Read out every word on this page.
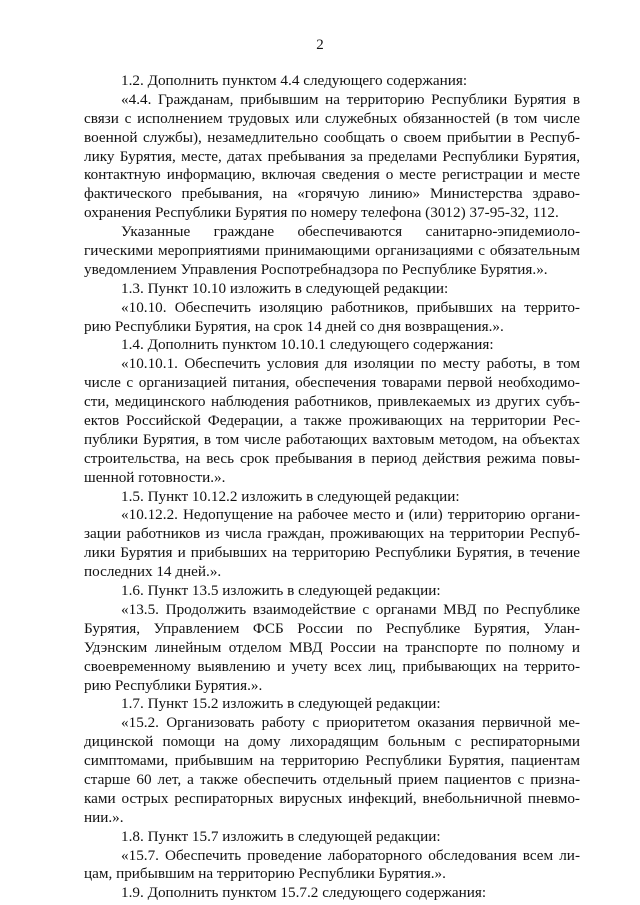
2
1.2. Дополнить пунктом 4.4 следующего содержания:
«4.4. Гражданам, прибывшим на территорию Республики Бурятия в
связи с исполнением трудовых или служебных обязанностей (в том числе
военной службы), незамедлительно сообщать о своем прибытии в Респуб-
лику Бурятия, месте, датах пребывания за пределами Республики Бурятия,
контактную информацию, включая сведения о месте регистрации и месте
фактического пребывания, на «горячую линию» Министерства здраво-
охранения Республики Бурятия по номеру телефона (3012) 37-95-32, 112.
Указанные граждане обеспечиваются санитарно-эпидемиоло-
гическими мероприятиями принимающими организациями с обязательным
уведомлением Управления Роспотребнадзора по Республике Бурятия.».
1.3. Пункт 10.10 изложить в следующей редакции:
«10.10. Обеспечить изоляцию работников, прибывших на террито-
рию Республики Бурятия, на срок 14 дней со дня возвращения.».
1.4. Дополнить пунктом 10.10.1 следующего содержания:
«10.10.1. Обеспечить условия для изоляции по месту работы, в том
числе с организацией питания, обеспечения товарами первой необходимо-
сти, медицинского наблюдения работников, привлекаемых из других субъ-
ектов Российской Федерации, а также проживающих на территории Рес-
публики Бурятия, в том числе работающих вахтовым методом, на объектах
строительства, на весь срок пребывания в период действия режима повы-
шенной готовности.».
1.5. Пункт 10.12.2 изложить в следующей редакции:
«10.12.2. Недопущение на рабочее место и (или) территорию органи-
зации работников из числа граждан, проживающих на территории Респуб-
лики Бурятия и прибывших на территорию Республики Бурятия, в течение
последних 14 дней.».
1.6. Пункт 13.5 изложить в следующей редакции:
«13.5. Продолжить взаимодействие с органами МВД по Республике
Бурятия, Управлением ФСБ России по Республике Бурятия, Улан-
Удэнским линейным отделом МВД России на транспорте по полному и
своевременному выявлению и учету всех лиц, прибывающих на террито-
рию Республики Бурятия.».
1.7. Пункт 15.2 изложить в следующей редакции:
«15.2. Организовать работу с приоритетом оказания первичной ме-
дицинской помощи на дому лихорадящим больным с респираторными
симптомами, прибывшим на территорию Республики Бурятия, пациентам
старше 60 лет, а также обеспечить отдельный прием пациентов с призна-
ками острых респираторных вирусных инфекций, внебольничной пневмо-
нии.».
1.8. Пункт 15.7 изложить в следующей редакции:
«15.7. Обеспечить проведение лабораторного обследования всем ли-
цам, прибывшим на территорию Республики Бурятия.».
1.9. Дополнить пунктом 15.7.2 следующего содержания:
